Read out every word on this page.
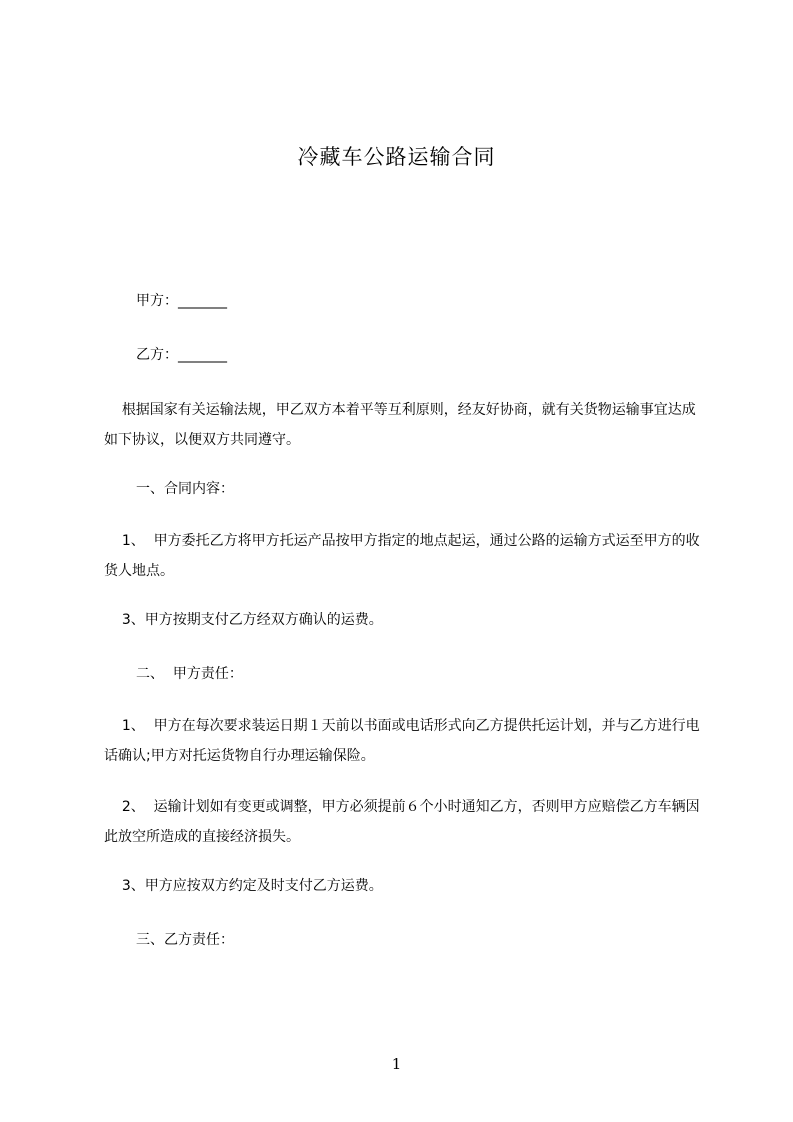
冷藏车公路运输合同
甲方：_______
乙方：_______
根据国家有关运输法规，甲乙双方本着平等互利原则，经友好协商，就有关货物运输事宜达成如下协议，以便双方共同遵守。
一、合同内容：
1、  甲方委托乙方将甲方托运产品按甲方指定的地点起运，通过公路的运输方式运至甲方的收货人地点。
3、甲方按期支付乙方经双方确认的运费。
二、  甲方责任：
1、  甲方在每次要求装运日期１天前以书面或电话形式向乙方提供托运计划，并与乙方进行电话确认;甲方对托运货物自行办理运输保险。
2、  运输计划如有变更或调整，甲方必须提前６个小时通知乙方，否则甲方应赔偿乙方车辆因此放空所造成的直接经济损失。
3、甲方应按双方约定及时支付乙方运费。
三、乙方责任：
1
